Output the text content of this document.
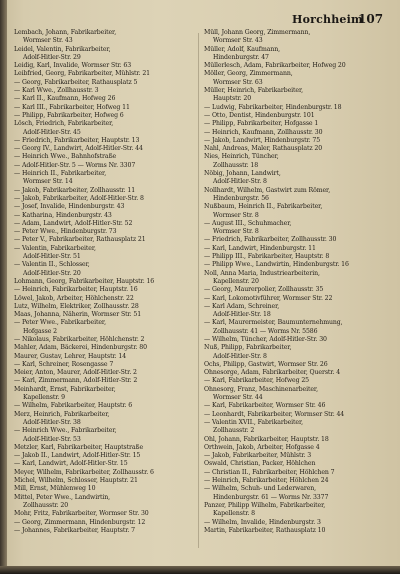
Horchheim
107
Lembach, Johann, Fabrikarbeiter,
Wormser Str. 43
Leidel, Valentin, Fabrikarbeiter,
Adolf-Hitler-Str. 29
Leidig, Karl, Invalide, Wormser Str. 63
Leibfried, Georg, Fabrikarbeiter, Mühlstr. 21
— Georg, Fabrikarbeiter, Rathausplatz 5
— Karl Wwe., Zollhausstr. 3
— Karl II., Kaufmann, Hofweg 26
— Karl III., Fabrikarbeiter, Hofweg 11
— Philipp, Fabrikarbeiter, Hofweg 6
Lösch, Friedrich, Fabrikarbeiter,
Adolf-Hitler-Str. 45
— Friedrich, Fabrikarbeiter, Hauptstr. 13
— Georg IV., Landwirt, Adolf-Hitler-Str. 44
— Heinrich Wwe., Bahnhofstraße
— Adolf-Hitler-Str. 5 — Worms Nr. 3307
— Heinrich II., Fabrikarbeiter,
Wormser Str. 14
— Jakob, Fabrikarbeiter, Zollhausstr. 11
— Jakob, Fabrikarbeiter, Adolf-Hitler-Str. 8
— Josef, Invalide, Hindenburgstr. 43
— Katharina, Hindenburgstr. 43
— Adam, Landwirt, Adolf-Hitler-Str. 52
— Peter Wwe., Hindenburgstr. 73
— Peter V., Fabrikarbeiter, Rathausplatz 21
— Valentin, Fabrikarbeiter,
Adolf-Hitler-Str. 51
— Valentin II., Schlosser,
Adolf-Hitler-Str. 20
Lohmann, Georg, Fabrikarbeiter, Hauptstr. 16
— Heinrich, Fabrikarbeiter, Hauptstr. 16
Löwel, Jakob, Arbeiter, Höhlchenstr. 22
Lutz, Wilhelm, Elektriker, Zollhausstr. 28
Maas, Johanna, Näherin, Wormser Str. 51
— Peter Wwe., Fabrikarbeiter,
Hofgasse 2
— Nikolaus, Fabrikarbeiter, Höhlchenstr. 2
Mahler, Adam, Bäckerei, Hindenburgstr. 80
Maurer, Gustav, Lehrer, Hauptstr. 14
— Karl, Schreiner, Rosengasse 7
Meier, Anton, Maurer, Adolf-Hitler-Str. 2
— Karl, Zimmermann, Adolf-Hitler-Str. 2
Meinhardt, Ernst, Fabrikarbeiter,
Kapellenstr. 9
— Wilhelm, Fabrikarbeiter, Hauptstr. 6
Merz, Heinrich, Fabrikarbeiter,
Adolf-Hitler-Str. 38
— Heinrich Wwe., Fabrikarbeiter,
Adolf-Hitler-Str. 53
Metzler, Karl, Fabrikarbeiter, Hauptstraße
— Jakob II., Landwirt, Adolf-Hitler-Str. 15
— Karl, Landwirt, Adolf-Hitler-Str. 15
Meyer, Wilhelm, Fabrikarbeiter, Zollhausstr. 6
Michel, Wilhelm, Schlosser, Hauptstr. 21
Mill, Ernst, Mühlenweg 10
Mittel, Peter Wwe., Landwirtin,
Zollhausstr. 20
Mohr, Fritz, Fabrikarbeiter, Wormser Str. 30
— Georg, Zimmermann, Hindenburgstr. 12
— Johannes, Fabrikarbeiter, Hauptstr. 7
Müll, Johann Georg, Zimmermann,
Wormser Str. 43
Müller, Adolf, Kaufmann,
Hindenburgstr. 47
Müllerlesch, Adam, Fabrikarbeiter, Hofweg 20
Möller, Georg, Zimmermann,
Wormser Str. 63
Müller, Heinrich, Fabrikarbeiter,
Hauptstr. 20
— Ludwig, Fabrikarbeiter, Hindenburgstr. 18
— Otto, Dentist, Hindenburgstr. 101
— Philipp, Fabrikarbeiter, Hofgasse 1
— Heinrich, Kaufmann, Zollhausstr. 30
— Jakob, Landwirt, Hindenburgstr. 75
Nahl, Andreas, Maler, Rathausplatz 20
Nies, Heinrich, Tüncher,
Zollhausstr. 18
Nöbig, Johann, Landwirt,
Adolf-Hitler-Str. 8
Nollhardt, Wilhelm, Gastwirt zum Römer,
Hindenburgstr. 56
Nußbaum, Heinrich II., Fabrikarbeiter,
Wormser Str. 8
— August III., Schuhmacher,
Wormser Str. 8
— Friedrich, Fabrikarbeiter, Zollhausstr. 30
— Karl, Landwirt, Hindenburgstr. 11
— Philipp III., Fabrikarbeiter, Hauptstr. 8
— Philipp Wwe., Landwirtin, Hindenburgstr. 16
Noll, Anna Maria, Industriearbeiterin,
Kapellenstr. 20
— Georg, Maurerpolier, Zollhausstr. 35
— Karl, Lokomotivführer, Wormser Str. 22
— Karl Adam, Schreiner,
Adolf-Hitler-Str. 18
— Karl, Maurermeister, Baumunternehmung,
Zollhausstr. 41 — Worms Nr. 5586
— Wilhelm, Tüncher, Adolf-Hitler-Str. 30
Nuß, Philipp, Fabrikarbeiter,
Adolf-Hitler-Str. 8
Ochs, Philipp, Gastwirt, Wormser Str. 26
Ohnesorge, Adam, Fabrikarbeiter, Querstr. 4
— Karl, Fabrikarbeiter, Hofweg 25
Ohnesorg, Franz, Maschinenarbeiter,
Wormser Str. 44
— Karl, Fabrikarbeiter, Wormser Str. 46
— Leonhardt, Fabrikarbeiter, Wormser Str. 44
— Valentin XVII., Fabrikarbeiter,
Zollhausstr. 2
Ohl, Johann, Fabrikarbeiter, Hauptstr. 18
Orthwein, Jakob, Arbeiter, Hofgasse 4
— Jakob, Fabrikarbeiter, Mühlstr. 3
Oswald, Christian, Packer, Höhlchen
— Christian II., Fabrikarbeiter, Höhlchen 7
— Heinrich, Fabrikarbeiter, Höhlchen 24
— Wilhelm, Schuh- und Lederwaren,
Hindenburgstr. 61 — Worms Nr. 3377
Panzer, Philipp Wilhelm, Fabrikarbeiter,
Kapellenstr. 8
— Wilhelm, Invalide, Hindenburgstr. 3
Martin, Fabrikarbeiter, Rathausplatz 10
